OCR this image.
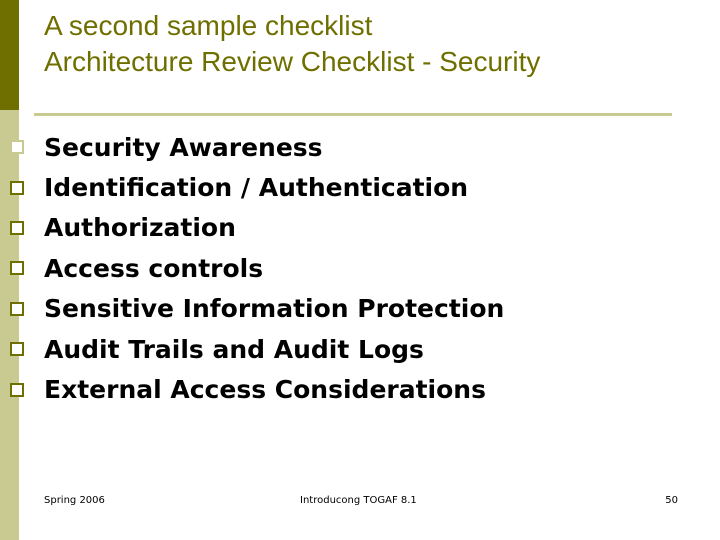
A second sample checklist
Architecture Review Checklist - Security
Security Awareness
Identification / Authentication
Authorization
Access controls
Sensitive Information Protection
Audit Trails and Audit Logs
External Access Considerations
Spring 2006	Introducong TOGAF 8.1	50
